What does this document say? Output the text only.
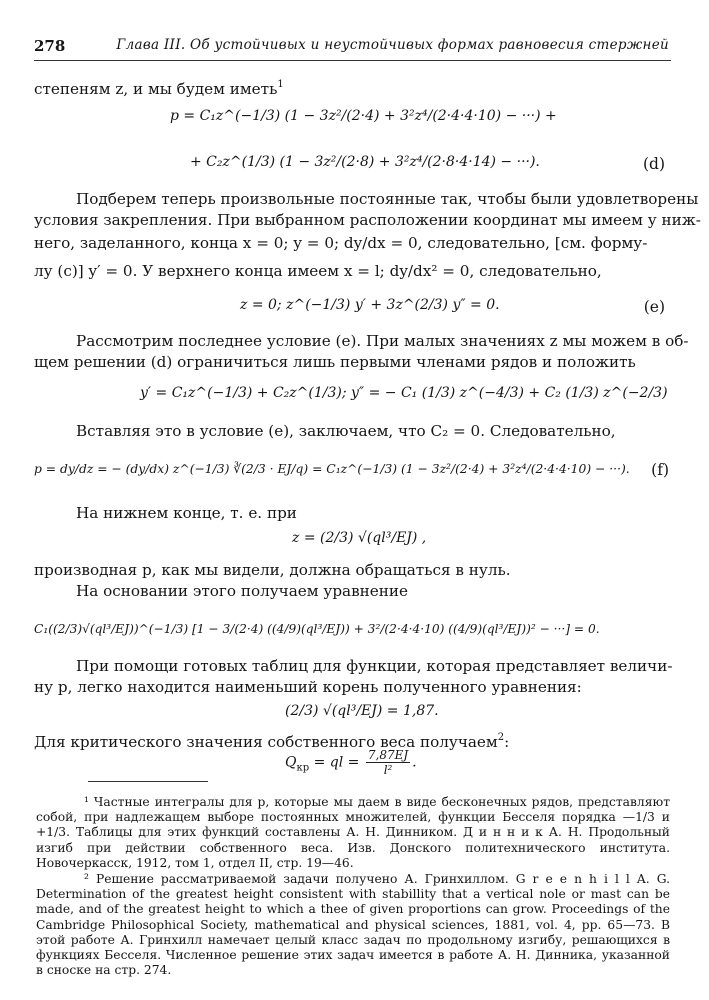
278	Глава III. Об устойчивых и неустойчивых формах равновесия стержней
степеням z, и мы будем иметь$^1$
p = C₁z^(−1/3) (1 − 3z²/(2·4) + 3²z⁴/(2·4·4·10) − ···) +
+ C₂z^(1/3) (1 − 3z²/(2·8) + 3²z⁴/(2·8·4·14) − ···).	(d)
Подберем теперь произвольные постоянные так, чтобы были удовлетворены
условия закрепления. При выбранном расположении координат мы имеем у ниж-
него, заделанного, конца x = 0; y = 0; dy/dx = 0, следовательно, [см. форму-
лу (с)] y′ = 0. У верхнего конца имеем x = l; dy/dx² = 0, следовательно,
z = 0; z^(−1/3) y′ + 3z^(2/3) y″ = 0.	(e)
Рассмотрим последнее условие (е). При малых значениях z мы можем в об-
щем решении (d) ограничиться лишь первыми членами рядов и положить
y′ = C₁z^(−1/3) + C₂z^(1/3); y″ = − C₁ (1/3) z^(−4/3) + C₂ (1/3) z^(−2/3)
Вставляя это в условие (е), заключаем, что C₂ = 0. Следовательно,
p = dy/dz = − (dy/dx) z^(−1/3) ∛(2/3 · EJ/q) = C₁z^(−1/3) (1 − 3z²/(2·4) + 3²z⁴/(2·4·4·10) − ···). (f)
На нижнем конце, т. е. при
z = (2/3) √(ql³/EJ) ,
производная p, как мы видели, должна обращаться в нуль.
На основании этого получаем уравнение
C₁((2/3)√(ql³/EJ))^(−1/3) [1 − 3/(2·4) ((4/9)(ql³/EJ)) + 3²/(2·4·4·10) ((4/9)(ql³/EJ))² − ···] = 0.
При помощи готовых таблиц для функции, которая представляет величи-
ну p, легко находится наименьший корень полученного уравнения:
(2/3) √(ql³/EJ) = 1,87.
Для критического значения собственного веса получаем$^2$:
$Q_{кр}$ = ql = $\frac{7,87EJ}{\text{l²}}$ .
¹ Частные интегралы для p, которые мы даем в виде бесконечных рядов, представляют собой, при надлежащем выборе постоянных множителей, функции Бесселя порядка —1/3 и +1/3. Таблицы для этих функций составлены А. Н. Динником. Д и н н и к А. Н. Продольный изгиб при действии собственного веса. Изв. Донского политехнического института. Новочеркасск, 1912, том 1, отдел II, стр. 19—46.
² Решение рассматриваемой задачи получено А. Гринхиллом. G r e e n h i l l A. G. Determination of the greatest height consistent with stabillity that a vertical nole or mast can be made, and of the greatest height to which a thee of given proportions can grow. Proceedings of the Cambridge Philosophical Society, mathematical and physical sciences, 1881, vol. 4, pp. 65—73. В этой работе А. Гринхилл намечает целый класс задач по продольному изгибу, решающихся в функциях Бесселя. Численное решение этих задач имеется в работе А. Н. Динника, указанной в сноске на стр. 274.
